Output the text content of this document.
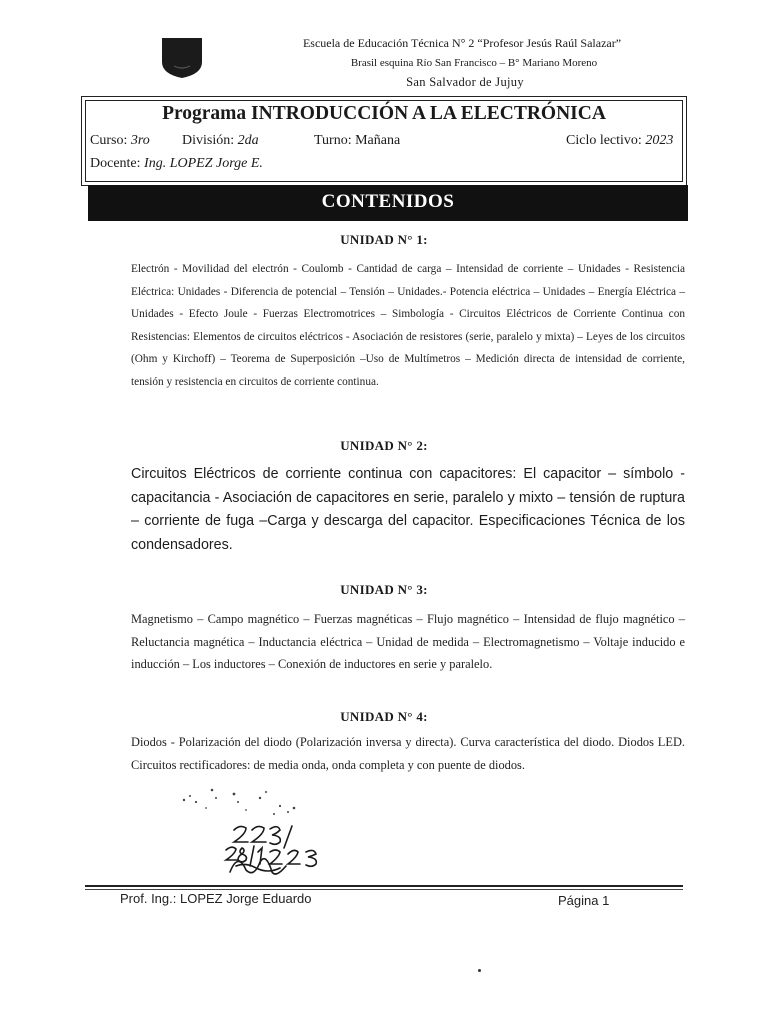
Escuela de Educación Técnica N° 2 “Profesor Jesús Raúl Salazar”
Brasil esquina Río San Francisco – B° Mariano Moreno
San Salvador de Jujuy
Programa INTRODUCCIÓN A LA ELECTRÓNICA
Curso: 3ro División: 2da	Turno: Mañana	Ciclo lectivo: 2023
Docente: Ing. LOPEZ Jorge E.
CONTENIDOS
UNIDAD N° 1:
Electrón - Movilidad del electrón - Coulomb - Cantidad de carga – Intensidad de corriente – Unidades - Resistencia Eléctrica: Unidades - Diferencia de potencial – Tensión – Unidades.- Potencia eléctrica – Unidades – Energía Eléctrica – Unidades - Efecto Joule - Fuerzas Electromotrices – Simbología - Circuitos Eléctricos de Corriente Continua con Resistencias: Elementos de circuitos eléctricos - Asociación de resistores (serie, paralelo y mixta) – Leyes de los circuitos (Ohm y Kirchoff) – Teorema de Superposición –Uso de Multímetros – Medición directa de intensidad de corriente, tensión y resistencia en circuitos de corriente continua.
UNIDAD N° 2:
Circuitos Eléctricos de corriente continua con capacitores: El capacitor – símbolo - capacitancia - Asociación de capacitores en serie, paralelo y mixto – tensión de ruptura – corriente de fuga –Carga y descarga del capacitor. Especificaciones Técnica de los condensadores.
UNIDAD N° 3:
Magnetismo – Campo magnético – Fuerzas magnéticas – Flujo magnético – Intensidad de flujo magnético – Reluctancia magnética – Inductancia eléctrica – Unidad de medida – Electromagnetismo – Voltaje inducido e inducción – Los inductores – Conexión de inductores en serie y paralelo.
UNIDAD N° 4:
Diodos - Polarización del diodo (Polarización inversa y directa). Curva característica del diodo. Diodos LED. Circuitos rectificadores: de media onda, onda completa y con puente de diodos.
Prof. Ing.: LOPEZ Jorge Eduardo	Página 1
